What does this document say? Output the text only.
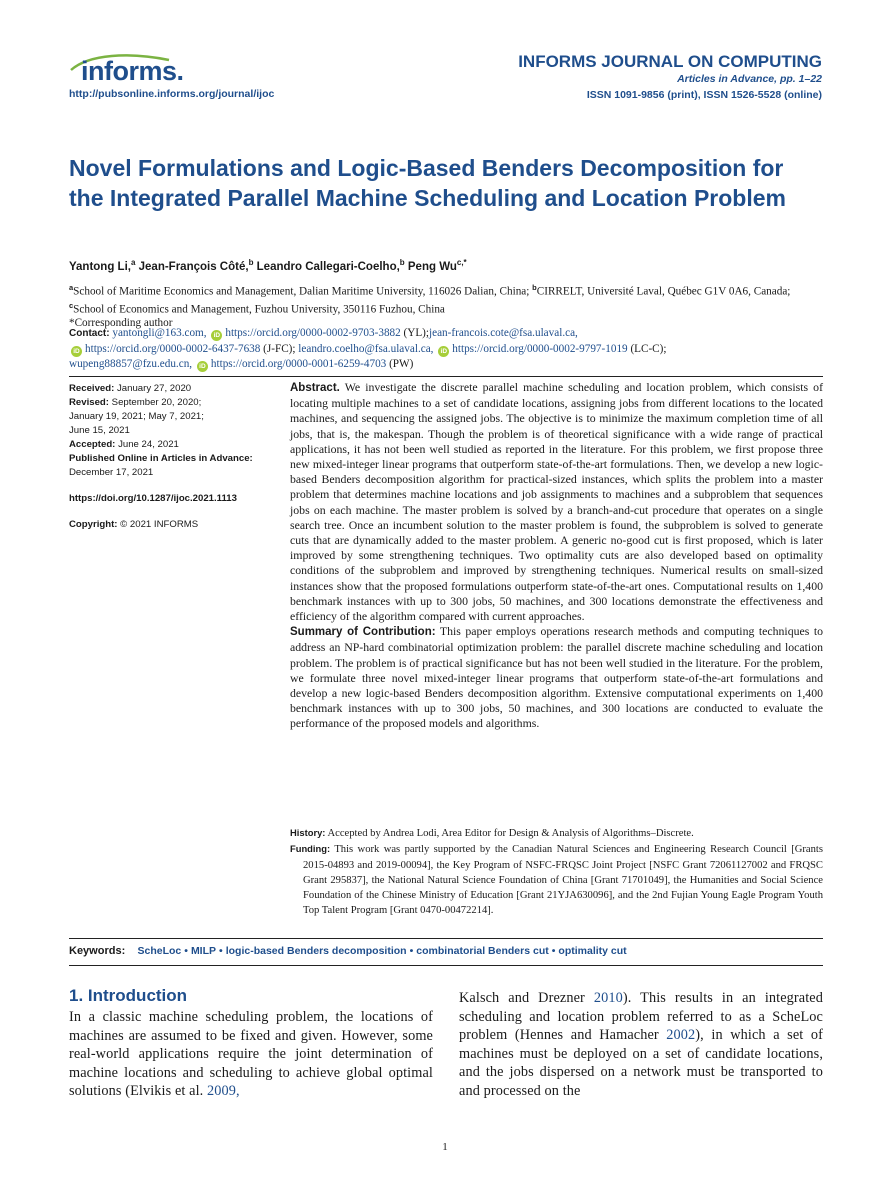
informs.
http://pubsonline.informs.org/journal/ijoc
INFORMS JOURNAL ON COMPUTING
Articles in Advance, pp. 1–22
ISSN 1091-9856 (print), ISSN 1526-5528 (online)
Novel Formulations and Logic-Based Benders Decomposition for the Integrated Parallel Machine Scheduling and Location Problem
Yantong Li,$^a$ Jean-François Côté,$^b$ Leandro Callegari-Coelho,$^b$ Peng $Wu^{c,*}$
$^a$School of Maritime Economics and Management, Dalian Maritime University, 116026 Dalian, China; $^b$CIRRELT, Université Laval, Québec G1V 0A6, Canada; $^c$School of Economics and Management, Fuzhou University, 350116 Fuzhou, China
*Corresponding author
Contact: yantongli@163.com, iD https://orcid.org/0000-0002-9703-3882 (YL);jean-francois.cote@fsa.ulaval.ca,
iD https://orcid.org/0000-0002-6437-7638 (J-FC); leandro.coelho@fsa.ulaval.ca, iD https://orcid.org/0000-0002-9797-1019 (LC-C);
wupeng88857@fzu.edu.cn, iD https://orcid.org/0000-0001-6259-4703 (PW)
Received: January 27, 2020
Revised: September 20, 2020;
January 19, 2021; May 7, 2021;
June 15, 2021
Accepted: June 24, 2021
Published Online in Articles in Advance:
December 17, 2021
https://doi.org/10.1287/ijoc.2021.1113
Copyright: © 2021 INFORMS

Abstract. We investigate the discrete parallel machine scheduling and location problem, which consists of locating multiple machines to a set of candidate locations, assigning jobs from different locations to the located machines, and sequencing the assigned jobs. The objective is to minimize the maximum completion time of all jobs, that is, the makespan. Though the problem is of theoretical significance with a wide range of practical applications, it has not been well studied as reported in the literature. For this problem, we first propose three new mixed-integer linear programs that outperform state-of-the-art formulations. Then, we develop a new logic-based Benders decomposition algorithm for practical-sized instances, which splits the problem into a master problem that determines machine locations and job assignments to machines and a subproblem that sequences jobs on each machine. The master problem is solved by a branch-and-cut procedure that operates on a single search tree. Once an incumbent solution to the master problem is found, the subproblem is solved to generate cuts that are dynamically added to the master problem. A generic no-good cut is first proposed, which is later improved by some strengthening techniques. Two optimality cuts are also developed based on optimality conditions of the subproblem and improved by strengthening techniques. Numerical results on small-sized instances show that the proposed formulations outperform state-of-the-art ones. Computational results on 1,400 benchmark instances with up to 300 jobs, 50 machines, and 300 locations demonstrate the effectiveness and efficiency of the algorithm compared with current approaches.

Summary of Contribution: This paper employs operations research methods and computing techniques to address an NP-hard combinatorial optimization problem: the parallel discrete machine scheduling and location problem. The problem is of practical significance but has not been well studied in the literature. For the problem, we formulate three novel mixed-integer linear programs that outperform state-of-the-art formulations and develop a new logic-based Benders decomposition algorithm. Extensive computational experiments on 1,400 benchmark instances with up to 300 jobs, 50 machines, and 300 locations are conducted to evaluate the performance of the proposed models and algorithms.

History: Accepted by Andrea Lodi, Area Editor for Design & Analysis of Algorithms–Discrete.

Funding: This work was partly supported by the Canadian Natural Sciences and Engineering Research Council [Grants 2015-04893 and 2019-00094], the Key Program of NSFC-FRQSC Joint Project [NSFC Grant 72061127002 and FRQSC Grant 295837], the National Natural Science Foundation of China [Grant 71701049], the Humanities and Social Science Foundation of the Chinese Ministry of Education [Grant 21YJA630096], and the 2nd Fujian Young Eagle Program Youth Top Talent Program [Grant 0470-00472214].

Keywords: ScheLoc • MILP • logic-based Benders decomposition • combinatorial Benders cut • optimality cut
1. Introduction
In a classic machine scheduling problem, the locations of machines are assumed to be fixed and given. However, some real-world applications require the joint determination of machine locations and scheduling to achieve global optimal solutions (Elvikis et al. 2009,
Kalsch and Drezner 2010). This results in an integrated scheduling and location problem referred to as a ScheLoc problem (Hennes and Hamacher 2002), in which a set of machines must be deployed on a set of candidate locations, and the jobs dispersed on a network must be transported to and processed on the
1
